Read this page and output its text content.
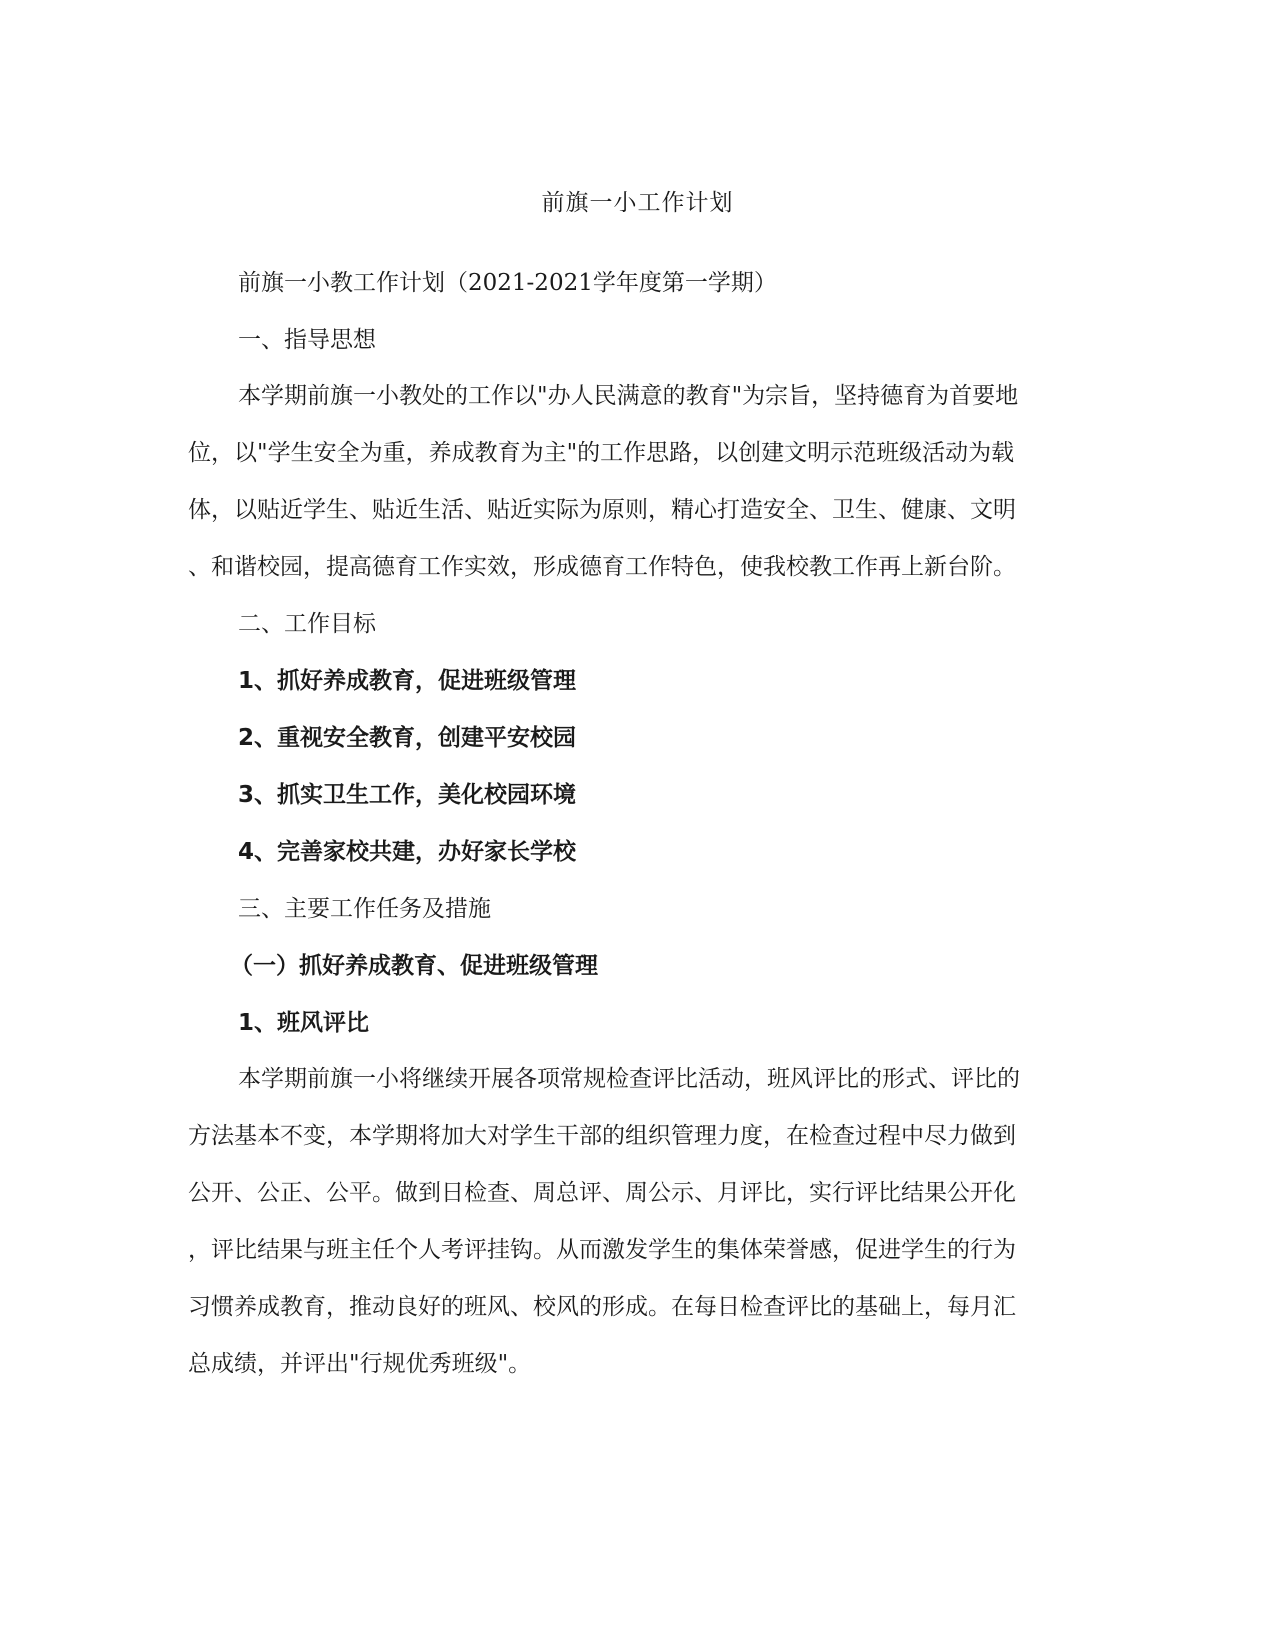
前旗一小工作计划

前旗一小教工作计划（2021-2021学年度第一学期）

一、指导思想

本学期前旗一小教处的工作以"办人民满意的教育"为宗旨，坚持德育为首要地
位，以"学生安全为重，养成教育为主"的工作思路，以创建文明示范班级活动为载
体，以贴近学生、贴近生活、贴近实际为原则，精心打造安全、卫生、健康、文明
、和谐校园，提高德育工作实效，形成德育工作特色，使我校教工作再上新台阶。

二、工作目标

1、抓好养成教育，促进班级管理

2、重视安全教育，创建平安校园

3、抓实卫生工作，美化校园环境

4、完善家校共建，办好家长学校

三、主要工作任务及措施

（一）抓好养成教育、促进班级管理

1、班风评比

本学期前旗一小将继续开展各项常规检查评比活动，班风评比的形式、评比的
方法基本不变，本学期将加大对学生干部的组织管理力度，在检查过程中尽力做到
公开、公正、公平。做到日检查、周总评、周公示、月评比，实行评比结果公开化
，评比结果与班主任个人考评挂钩。从而激发学生的集体荣誉感，促进学生的行为
习惯养成教育，推动良好的班风、校风的形成。在每日检查评比的基础上，每月汇
总成绩，并评出"行规优秀班级"。
